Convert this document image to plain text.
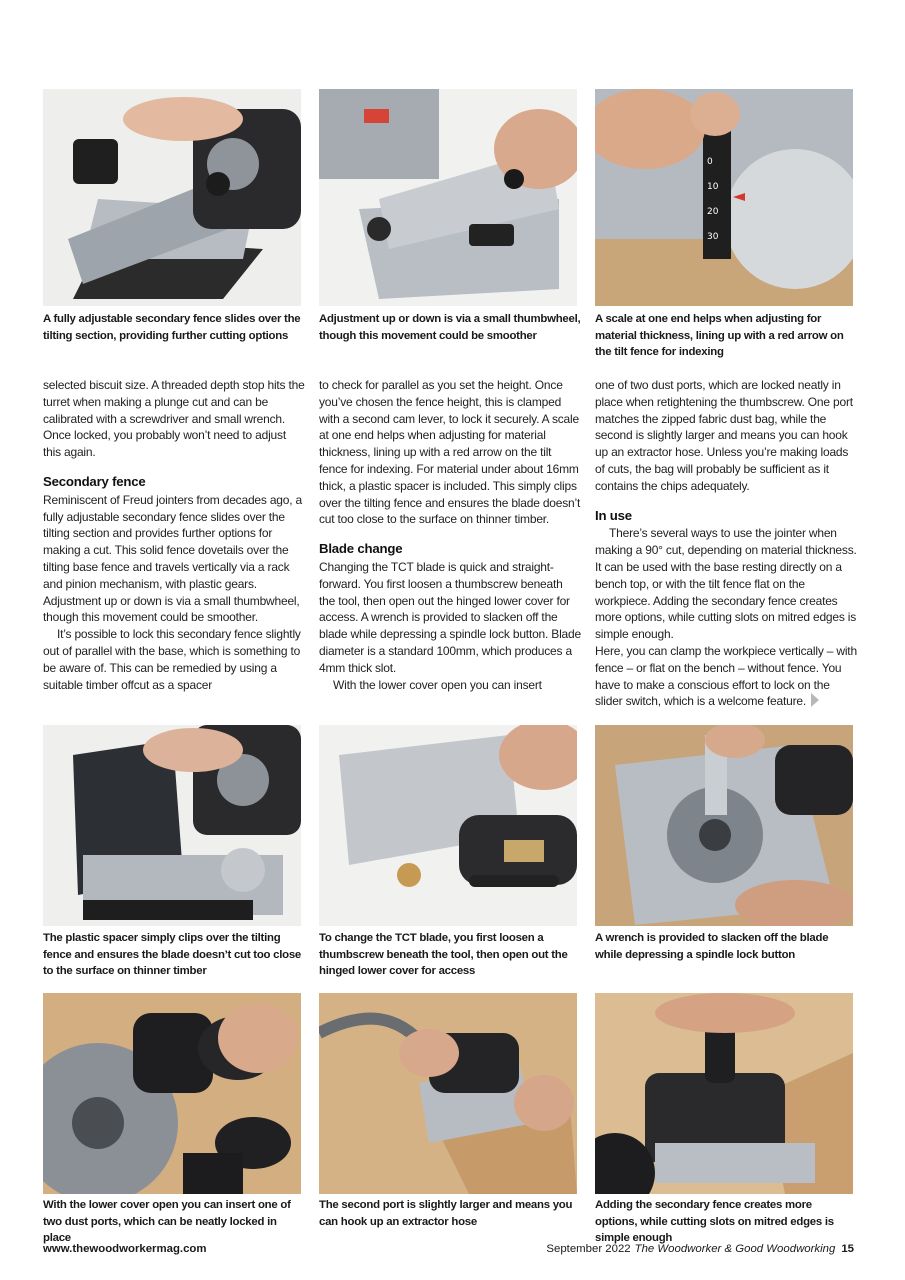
0
10
20
30
A fully adjustable secondary fence slides over the tilting section, providing further cutting options
Adjustment up or down is via a small thumbwheel, though this movement could be smoother
A scale at one end helps when adjusting for material thickness, lining up with a red arrow on the tilt fence for indexing

selected biscuit size. A threaded depth stop hits the turret when making a plunge cut and can be calibrated with a screwdriver and small wrench. Once locked, you probably won’t need to adjust this again.

Secondary fence

Reminiscent of Freud jointers from decades ago, a fully adjustable secondary fence slides over the tilting section and provides further options for making a cut. This solid fence dovetails over the tilting base fence and travels vertically via a rack and pinion mechanism, with plastic gears. Adjustment up or down is via a small thumbwheel, though this movement could be smoother.

It’s possible to lock this secondary fence slightly out of parallel with the base, which is something to be aware of. This can be remedied by using a suitable timber offcut as a spacer

to check for parallel as you set the height. Once you’ve chosen the fence height, this is clamped with a second cam lever, to lock it securely. A scale at one end helps when adjusting for material thickness, lining up with a red arrow on the tilt fence for indexing. For material under about 16mm thick, a plastic spacer is included. This simply clips over the tilting fence and ensures the blade doesn’t cut too close to the surface on thinner timber.

Blade change

Changing the TCT blade is quick and straight-forward. You first loosen a thumbscrew beneath the tool, then open out the hinged lower cover for access. A wrench is provided to slacken off the blade while depressing a spindle lock button. Blade diameter is a standard 100mm, which produces a 4mm thick slot.

With the lower cover open you can insert

one of two dust ports, which are locked neatly in place when retightening the thumbscrew. One port matches the zipped fabric dust bag, while the second is slightly larger and means you can hook up an extractor hose. Unless you’re making loads of cuts, the bag will probably be sufficient as it contains the chips adequately.

In use

There’s several ways to use the jointer when making a 90° cut, depending on material thickness. It can be used with the base resting directly on a bench top, or with the tilt fence flat on the workpiece. Adding the secondary fence creates more options, while cutting slots on mitred edges is simple enough.

Here, you can clamp the workpiece vertically – with fence – or flat on the bench – without fence. You have to make a conscious effort to lock on the slider switch, which is a welcome feature.

The plastic spacer simply clips over the tilting fence and ensures the blade doesn’t cut too close to the surface on thinner timber
To change the TCT blade, you first loosen a thumbscrew beneath the tool, then open out the hinged lower cover for access
A wrench is provided to slacken off the blade while depressing a spindle lock button
With the lower cover open you can insert one of two dust ports, which can be neatly locked in place
The second port is slightly larger and means you can hook up an extractor hose
Adding the secondary fence creates more options, while cutting slots on mitred edges is simple enough
www.thewoodworkermag.com	September 2022 The Woodworker & Good Woodworking 15
